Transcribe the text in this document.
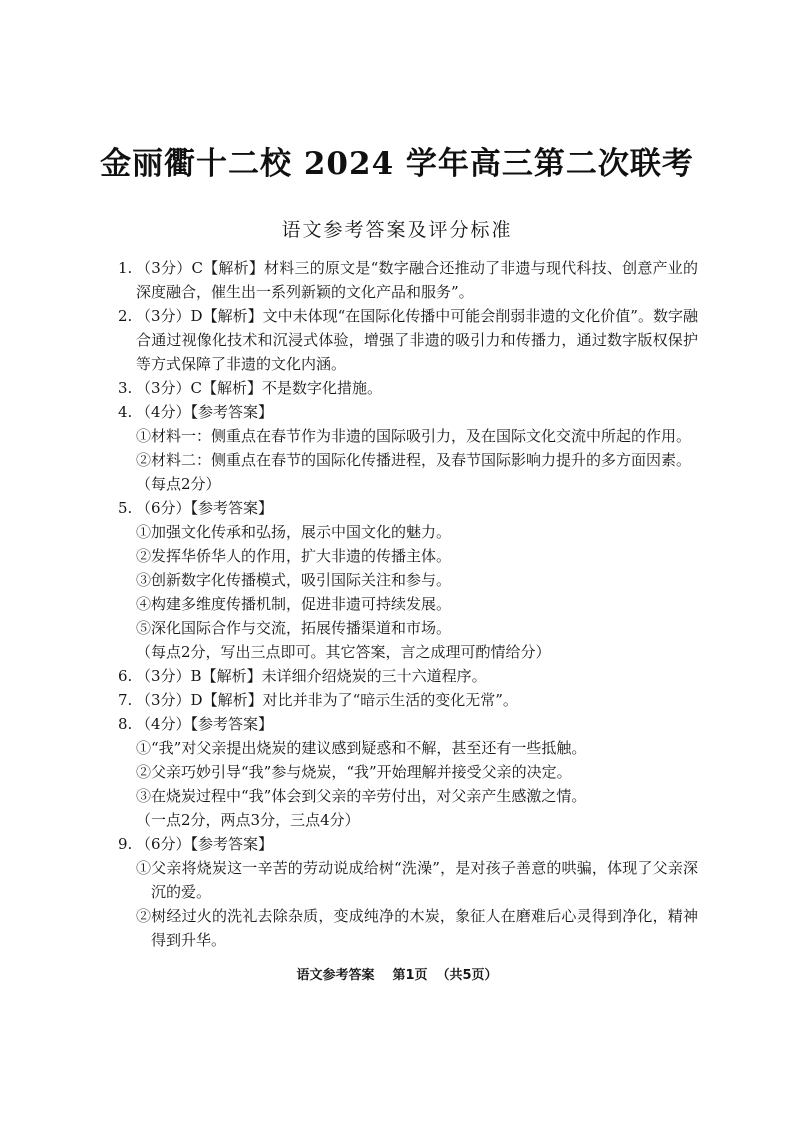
金丽衢十二校 2024 学年高三第二次联考
语文参考答案及评分标准
1. （3分）C【解析】材料三的原文是“数字融合还推动了非遗与现代科技、创意产业的深度融合，催生出一系列新颖的文化产品和服务”。

2. （3分）D【解析】文中未体现“在国际化传播中可能会削弱非遗的文化价值”。数字融合通过视像化技术和沉浸式体验，增强了非遗的吸引力和传播力，通过数字版权保护等方式保障了非遗的文化内涵。

3. （3分）C【解析】不是数字化措施。

4. （4分）【参考答案】

①材料一：侧重点在春节作为非遗的国际吸引力，及在国际文化交流中所起的作用。

②材料二：侧重点在春节的国际化传播进程，及春节国际影响力提升的多方面因素。

（每点2分）

5. （6分）【参考答案】

①加强文化传承和弘扬，展示中国文化的魅力。

②发挥华侨华人的作用，扩大非遗的传播主体。

③创新数字化传播模式，吸引国际关注和参与。

④构建多维度传播机制，促进非遗可持续发展。

⑤深化国际合作与交流，拓展传播渠道和市场。

（每点2分，写出三点即可。其它答案，言之成理可酌情给分）

6. （3分）B【解析】未详细介绍烧炭的三十六道程序。

7. （3分）D【解析】对比并非为了“暗示生活的变化无常”。

8. （4分）【参考答案】

①“我”对父亲提出烧炭的建议感到疑惑和不解，甚至还有一些抵触。

②父亲巧妙引导“我”参与烧炭，“我”开始理解并接受父亲的决定。

③在烧炭过程中“我”体会到父亲的辛劳付出，对父亲产生感激之情。

（一点2分，两点3分，三点4分）

9. （6分）【参考答案】

①父亲将烧炭这一辛苦的劳动说成给树“洗澡”，是对孩子善意的哄骗，体现了父亲深沉的爱。

②树经过火的洗礼去除杂质，变成纯净的木炭，象征人在磨难后心灵得到净化，精神得到升华。

语文参考答案 第1页 （共5页）
